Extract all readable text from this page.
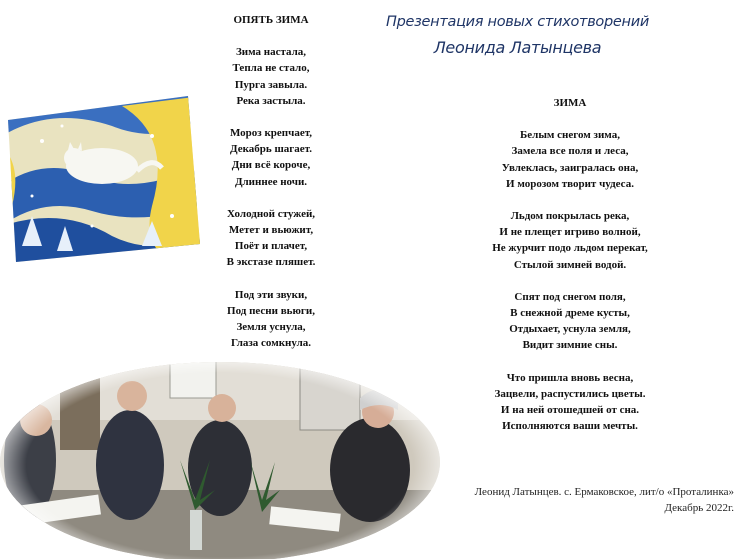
ОПЯТЬ ЗИМА
Зима настала,
Тепла не стало,
Пурга завыла.
Река застыла.
Мороз крепчает,
Декабрь шагает.
Дни всё короче,
Длиннее ночи.
Холодной стужей,
Метет и вьюжит,
Поёт и плачет,
В экстазе пляшет.
Под эти звуки,
Под песни вьюги,
Земля уснула,
Глаза сомкнула.
Презентация новых стихотворений
Леонида Латынцева
ЗИМА
Белым снегом зима,
Замела все поля и леса,
Увлеклась, заигралась она,
И морозом творит чудеса.
Льдом покрылась река,
И не плещет игриво волной,
Не журчит подо льдом перекат,
Стылой зимней водой.
Спят под снегом поля,
В снежной дреме кусты,
Отдыхает, уснула земля,
Видит зимние сны.
Что пришла вновь весна,
Зацвели, распустились цветы.
И на ней отошедшей от сна.
Исполняются ваши мечты.
Леонид Латынцев. с. Ермаковское, лит/о «Проталинка»
Декабрь 2022г.
